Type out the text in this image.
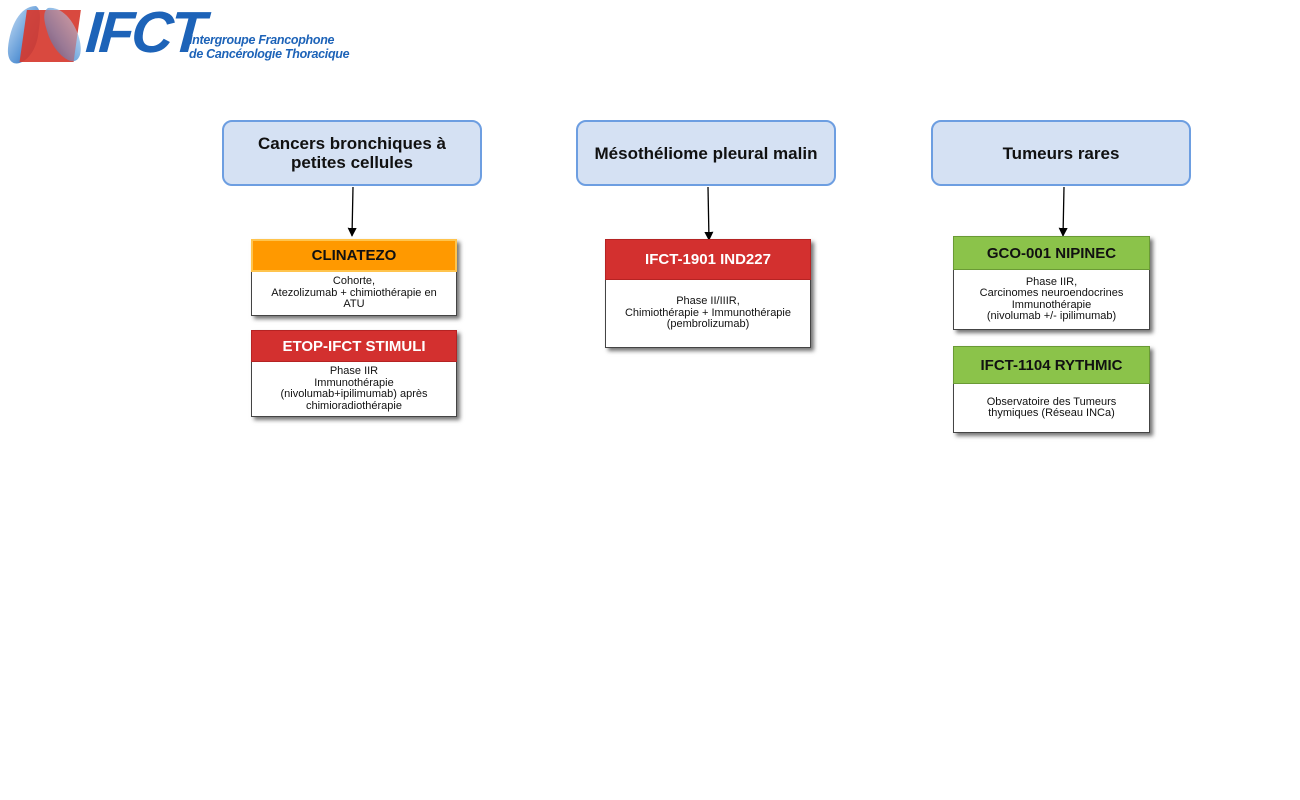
IFCT
Intergroupe Francophone
de Cancérologie Thoracique
Cancers bronchiques à
petites cellules
CLINATEZO
Cohorte,
Atezolizumab + chimiothérapie en
ATU
ETOP-IFCT STIMULI
Phase IIR
Immunothérapie
(nivolumab+ipilimumab) après
chimioradiothérapie
Mésothéliome pleural malin
IFCT-1901 IND227
Phase II/IIIR,
Chimiothérapie + Immunothérapie
(pembrolizumab)
Tumeurs rares
GCO-001 NIPINEC
Phase IIR,
Carcinomes neuroendocrines
Immunothérapie
(nivolumab +/- ipilimumab)
IFCT-1104 RYTHMIC
Observatoire des Tumeurs
thymiques (Réseau INCa)
